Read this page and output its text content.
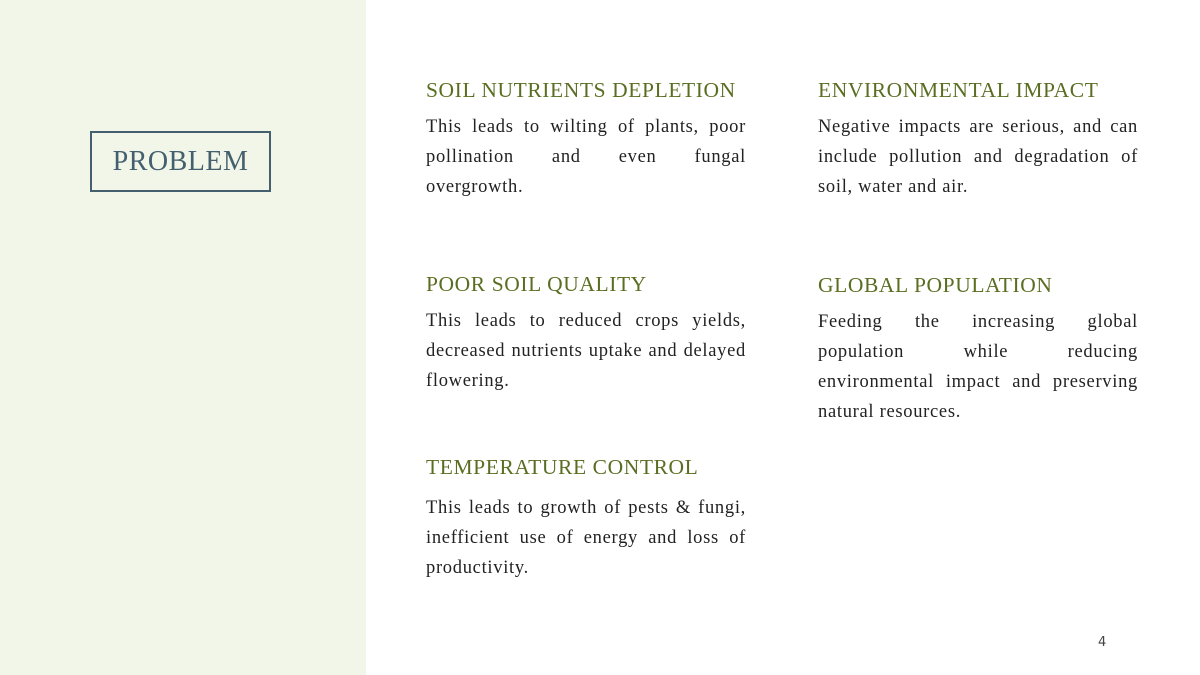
PROBLEM
SOIL NUTRIENTS DEPLETION

This leads to wilting of plants, poor pollination and even fungal overgrowth.

ENVIRONMENTAL IMPACT

Negative impacts are serious, and can include pollution and degradation of soil, water and air.

POOR SOIL QUALITY

This leads to reduced crops yields, decreased nutrients uptake and delayed flowering.

GLOBAL POPULATION

Feeding the increasing global population while reducing environmental impact and preserving natural resources.

TEMPERATURE CONTROL

This leads to growth of pests & fungi, inefficient use of energy and loss of productivity.

4
